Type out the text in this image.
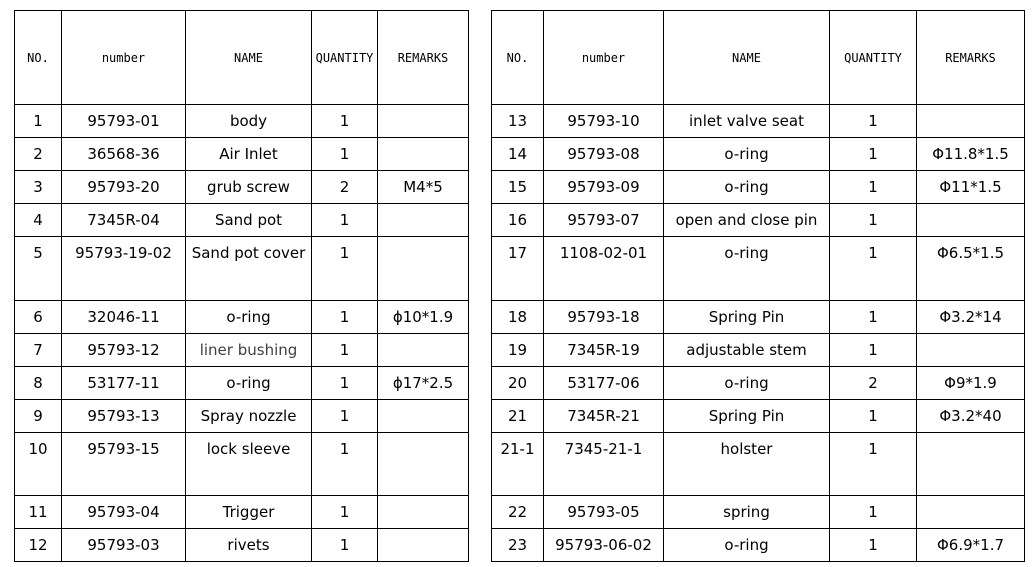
NO.	number	NAME	QUANTITY	REMARKS
1	95793-01	body	1	
2	36568-36	Air Inlet	1	
3	95793-20	grub screw	2	M4*5
4	7345R-04	Sand pot	1	
5	95793-19-02	Sand pot cover	1	
6	32046-11	o-ring	1	ϕ10*1.9
7	95793-12	liner bushing	1	
8	53177-11	o-ring	1	ϕ17*2.5
9	95793-13	Spray nozzle	1	
10	95793-15	lock sleeve	1	
11	95793-04	Trigger	1	
12	95793-03	rivets	1	
NO.	number	NAME	QUANTITY	REMARKS
13	95793-10	inlet valve seat	1	
14	95793-08	o-ring	1	Φ11.8*1.5
15	95793-09	o-ring	1	Φ11*1.5
16	95793-07	open and close pin	1	
17	1108-02-01	o-ring	1	Φ6.5*1.5
18	95793-18	Spring Pin	1	Φ3.2*14
19	7345R-19	adjustable stem	1	
20	53177-06	o-ring	2	Φ9*1.9
21	7345R-21	Spring Pin	1	Φ3.2*40
21-1	7345-21-1	holster	1	
22	95793-05	spring	1	
23	95793-06-02	o-ring	1	Φ6.9*1.7
